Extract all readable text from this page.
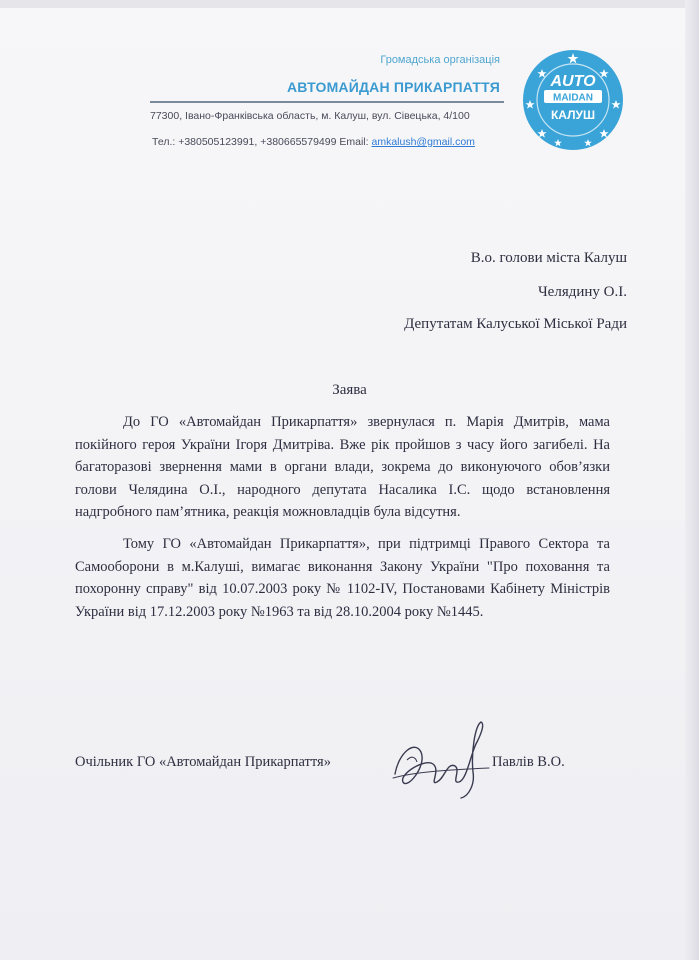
Громадська організація
АВТОМАЙДАН ПРИКАРПАТТЯ
77300, Івано-Франківська область, м. Калуш, вул. Сівецька, 4/100
Тел.: +380505123991, +380665579499 Email: amkalush@gmail.com
AUTO
MAIDAN
КАЛУШ
В.о. голови міста Калуш
Челядину О.І.
Депутатам Калуської Міської Ради
Заява
До ГО «Автомайдан Прикарпаття» звернулася п. Марія Дмитрів, мама покійного героя України Ігоря Дмитріва. Вже рік пройшов з часу його загибелі. На багаторазові звернення мами в органи влади, зокрема до виконуючого обов’язки голови Челядина О.І., народного депутата Насалика І.С. щодо встановлення надгробного пам’ятника, реакція можновладців була відсутня.
Тому ГО «Автомайдан Прикарпаття», при підтримці Правого Сектора та Самооборони в м.Калуші, вимагає виконання Закону України "Про поховання та похоронну справу" від 10.07.2003 року № 1102-IV, Постановами Кабінету Міністрів України від 17.12.2003 року №1963 та від 28.10.2004 року №1445.
Очільник ГО «Автомайдан Прикарпаття»	Павлів В.О.
